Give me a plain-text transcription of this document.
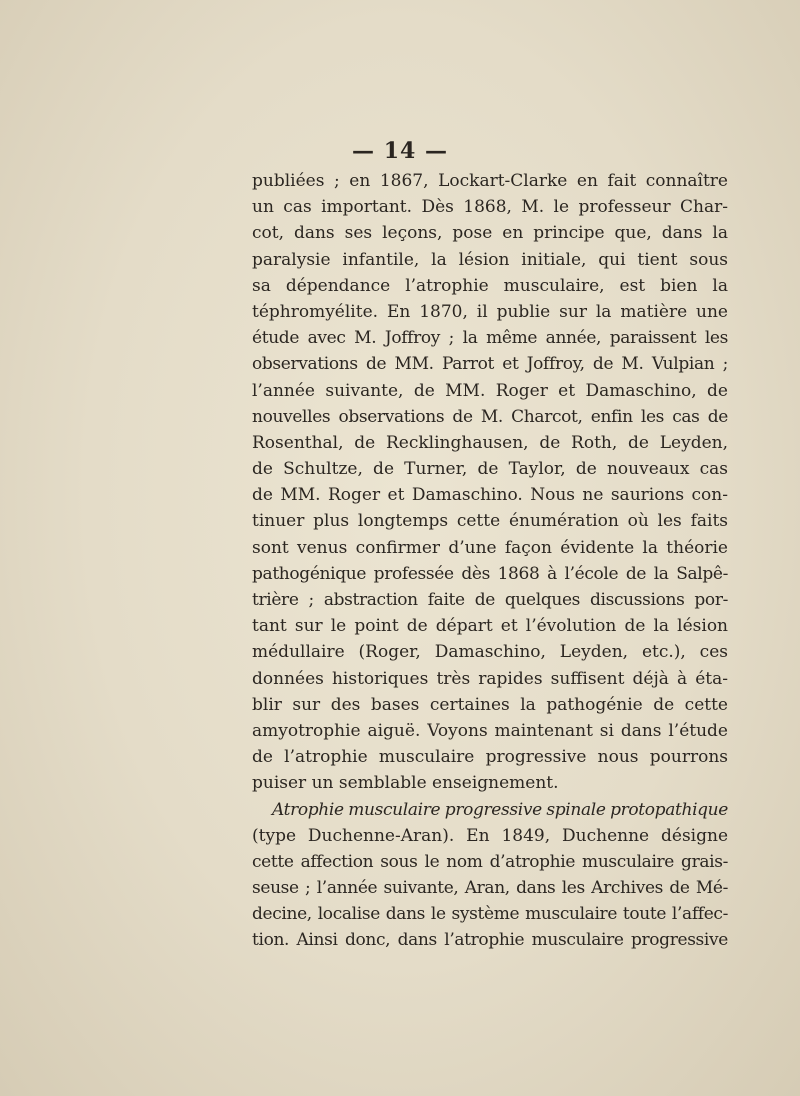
— 14 —
publiées ; en 1867, Lockart-Clarke en fait connaître
un cas important. Dès 1868, M. le professeur Char-
cot, dans ses leçons, pose en principe que, dans la
paralysie infantile, la lésion initiale, qui tient sous
sa dépendance l’atrophie musculaire, est bien la
téphromyélite. En 1870, il publie sur la matière une
étude avec M. Joffroy ; la même année, paraissent les
observations de MM. Parrot et Joffroy, de M. Vulpian ;
l’année suivante, de MM. Roger et Damaschino, de
nouvelles observations de M. Charcot, enfin les cas de
Rosenthal, de Recklinghausen, de Roth, de Leyden,
de Schultze, de Turner, de Taylor, de nouveaux cas
de MM. Roger et Damaschino. Nous ne saurions con-
tinuer plus longtemps cette énumération où les faits
sont venus confirmer d’une façon évidente la théorie
pathogénique professée dès 1868 à l’école de la Salpê-
trière ; abstraction faite de quelques discussions por-
tant sur le point de départ et l’évolution de la lésion
médullaire (Roger, Damaschino, Leyden, etc.), ces
données historiques très rapides suffisent déjà à éta-
blir sur des bases certaines la pathogénie de cette
amyotrophie aiguë. Voyons maintenant si dans l’étude
de l’atrophie musculaire progressive nous pourrons
puiser un semblable enseignement.
Atrophie musculaire progressive spinale protopathique
(type Duchenne-Aran). En 1849, Duchenne désigne
cette affection sous le nom d’atrophie musculaire grais-
seuse ; l’année suivante, Aran, dans les Archives de Mé-
decine, localise dans le système musculaire toute l’affec-
tion. Ainsi donc, dans l’atrophie musculaire progressive
